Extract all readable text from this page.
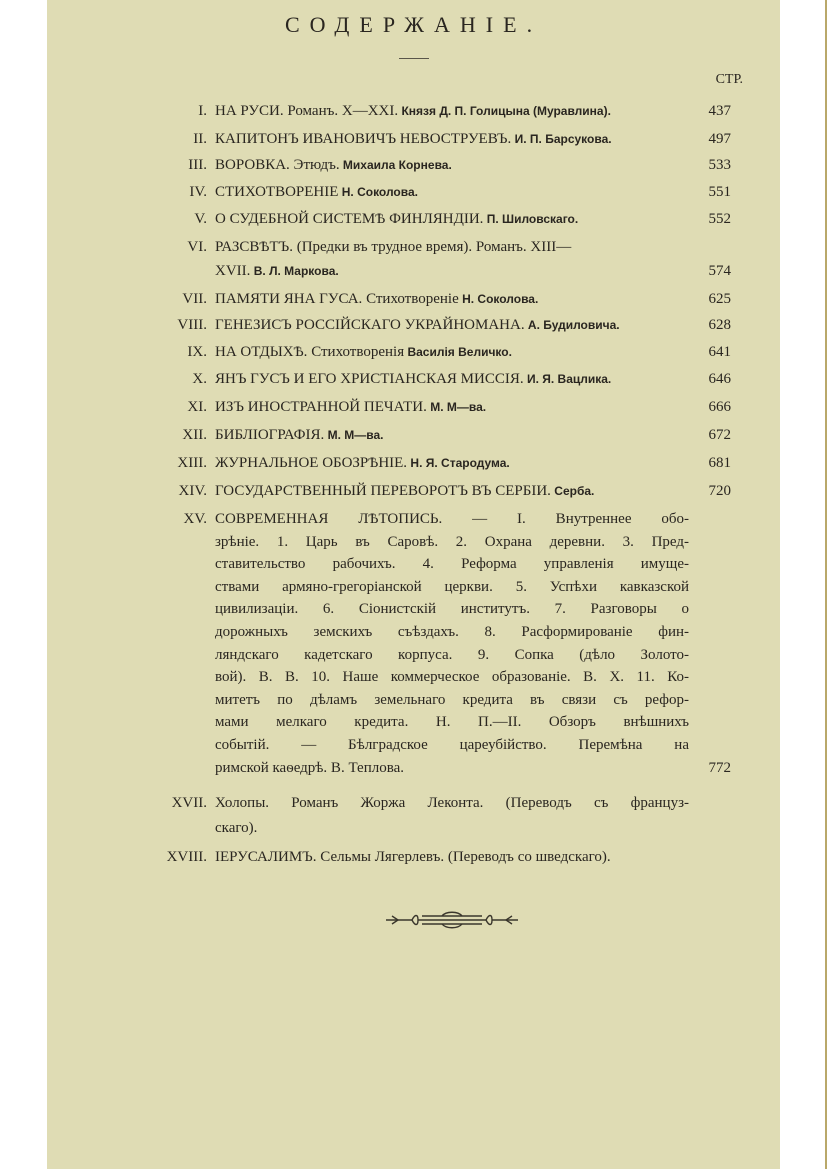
СОДЕРЖАНІЕ.
СТР.
I. НА РУСИ. Романъ. X—XXI. Князя Д. П. Голицына (Муравлина).	437
II. КАПИТОНЪ ИВАНОВИЧЪ НЕВОСТРУЕВЪ. И. П. Барсукова.	497
III. ВОРОВКА. Этюдъ. Михаила Корнева.	533
IV. СТИХОТВОРЕНІЕ Н. Соколова.	551
V. О СУДЕБНОЙ СИСТЕМѢ ФИНЛЯНДІИ. П. Шиловскаго.	552
VI. РАЗСВѢТЪ. (Предки въ трудное время). Романъ. XIII—
XVII. В. Л. Маркова.	574
VII. ПАМЯТИ ЯНА ГУСА. Стихотвореніе Н. Соколова.	625
VIII. ГЕНЕЗИСЪ РОССІЙСКАГО УКРАЙНОМАНА. А. Будиловича.	628
IX. НА ОТДЫХѢ. Стихотворенія Василія Величко.	641
X. ЯНЪ ГУСЪ И ЕГО ХРИСТІАНСКАЯ МИССІЯ. И. Я. Вацлика.	646
XI. ИЗЪ ИНОСТРАННОЙ ПЕЧАТИ. М. М—ва.	666
XII. БИБЛІОГРАФІЯ. М. М—ва.	672
XIII. ЖУРНАЛЬНОЕ ОБОЗРѢНІЕ. Н. Я. Стародума.	681
XIV. ГОСУДАРСТВЕННЫЙ ПЕРЕВОРОТЪ ВЪ СЕРБІИ. Серба.	720
XV. СОВРЕМЕННАЯ ЛѢТОПИСЬ. — I. Внутреннее обо-
зрѣніе. 1. Царь въ Саровѣ. 2. Охрана деревни. 3. Пред-
ставительство рабочихъ. 4. Реформа управленія имуще-
ствами армяно-грегоріанской церкви. 5. Успѣхи кавказской
цивилизаціи. 6. Сіонистскій институтъ. 7. Разговоры о
дорожныхъ земскихъ съѣздахъ. 8. Расформированіе фин-
ляндскаго кадетскаго корпуса. 9. Сопка (дѣло Золото-
вой). В. В. 10. Наше коммерческое образованіе. В. Х. 11. Ко-
митетъ по дѣламъ земельнаго кредита въ связи съ рефор-
мами мелкаго кредита. Н. П.—II. Обзоръ внѣшнихъ
событій. — Бѣлградское цареубійство. Перемѣна на
римской каѳедрѣ. В. Теплова.	772
XVII. Холопы. Романъ Жоржа Леконта. (Переводъ съ француз-
скаго).
XVIII. ІЕРУСАЛИМЪ. Сельмы Лягерлевъ. (Переводъ со шведскаго).
